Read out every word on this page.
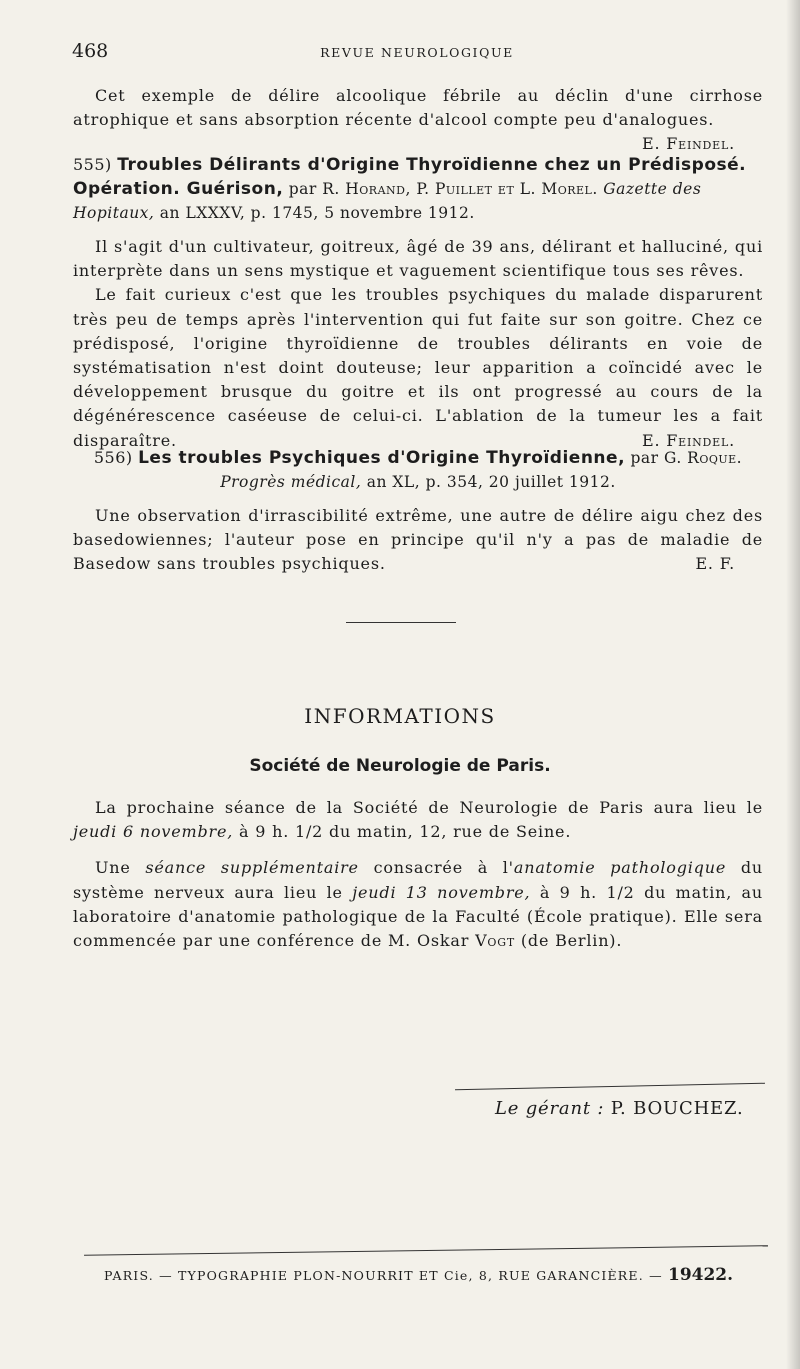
468	REVUE NEUROLOGIQUE

Cet exemple de délire alcoolique fébrile au déclin d'une cirrhose atrophique et sans absorption récente d'alcool compte peu d'analogues.
E. Feindel.

555) Troubles Délirants d'Origine Thyroïdienne chez un Prédisposé. Opération. Guérison, par R. Horand, P. Puillet et L. Morel. Gazette des Hopitaux, an LXXXV, p. 1745, 5 novembre 1912.

Il s'agit d'un cultivateur, goitreux, âgé de 39 ans, délirant et halluciné, qui interprète dans un sens mystique et vaguement scientifique tous ses rêves.

Le fait curieux c'est que les troubles psychiques du malade disparurent très peu de temps après l'intervention qui fut faite sur son goitre. Chez ce prédisposé, l'origine thyroïdienne de troubles délirants en voie de systématisation n'est doint douteuse; leur apparition a coïncidé avec le développement brusque du goitre et ils ont progressé au cours de la dégénérescence caséeuse de celui-ci. L'ablation de la tumeur les a fait disparaître.	E. Feindel.

556) Les troubles Psychiques d'Origine Thyroïdienne, par G. Roque. Progrès médical, an XL, p. 354, 20 juillet 1912.

Une observation d'irrascibilité extrême, une autre de délire aigu chez des basedowiennes; l'auteur pose en principe qu'il n'y a pas de maladie de Basedow sans troubles psychiques.	E. F.

INFORMATIONS
Société de Neurologie de Paris.

La prochaine séance de la Société de Neurologie de Paris aura lieu le jeudi 6 novembre, à 9 h. 1/2 du matin, 12, rue de Seine.

Une séance supplémentaire consacrée à l'anatomie pathologique du système nerveux aura lieu le jeudi 13 novembre, à 9 h. 1/2 du matin, au laboratoire d'anatomie pathologique de la Faculté (École pratique). Elle sera commencée par une conférence de M. Oskar Vogt (de Berlin).

Le gérant : P. BOUCHEZ.
PARIS. — TYPOGRAPHIE PLON-NOURRIT ET Cie, 8, RUE GARANCIÈRE. — 19422.
